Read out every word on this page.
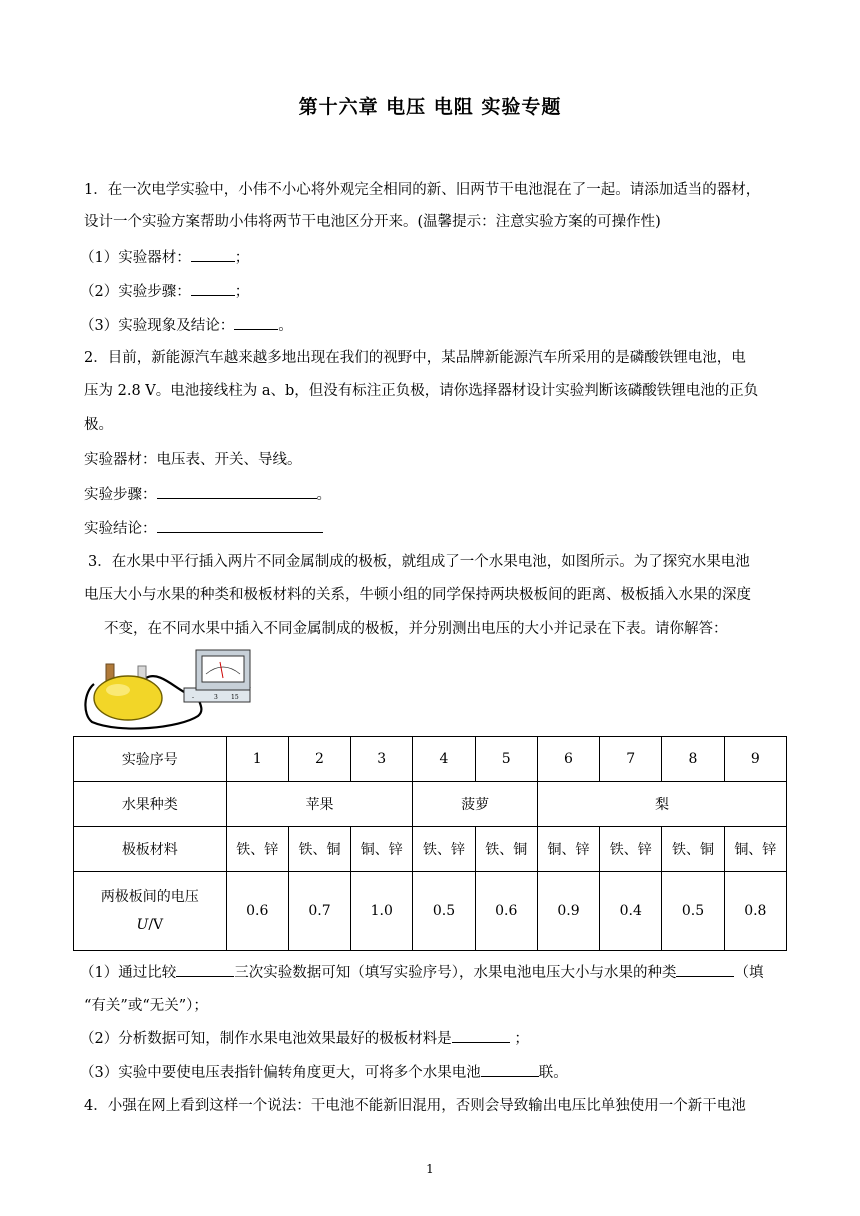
第十六章 电压 电阻 实验专题
1．在一次电学实验中，小伟不小心将外观完全相同的新、旧两节干电池混在了一起。请添加适当的器材，
设计一个实验方案帮助小伟将两节干电池区分开来。(温馨提示：注意实验方案的可操作性)
（1）实验器材：	；
（2）实验步骤：	；
（3）实验现象及结论：	。
2．目前，新能源汽车越来越多地出现在我们的视野中，某品牌新能源汽车所采用的是磷酸铁锂电池，电
压为 2.8 V。电池接线柱为 a、b，但没有标注正负极，请你选择器材设计实验判断该磷酸铁锂电池的正负
极。
实验器材：电压表、开关、导线。
实验步骤：	。
实验结论：
3．在水果中平行插入两片不同金属制成的极板，就组成了一个水果电池，如图所示。为了探究水果电池
电压大小与水果的种类和极板材料的关系，牛顿小组的同学保持两块极板间的距离、极板插入水果的深度
不变，在不同水果中插入不同金属制成的极板，并分别测出电压的大小并记录在下表。请你解答：
-	3 15
实验序号	1	2	3	4	5	6	7	8	9
水果种类	苹果			菠萝		梨			
极板材料	铁、锌	铁、铜	铜、锌	铁、锌	铁、铜	铜、锌	铁、锌	铁、铜	铜、锌
两极板间的电压
U/V	0.6	0.7	1.0	0.5	0.6	0.9	0.4	0.5	0.8
（1）通过比较	三次实验数据可知（填写实验序号），水果电池电压大小与水果的种类	（填
“有关”或“无关”）；
（2）分析数据可知，制作水果电池效果最好的极板材料是	；
（3）实验中要使电压表指针偏转角度更大，可将多个水果电池	联。
4．小强在网上看到这样一个说法：干电池不能新旧混用，否则会导致输出电压比单独使用一个新干电池
1
